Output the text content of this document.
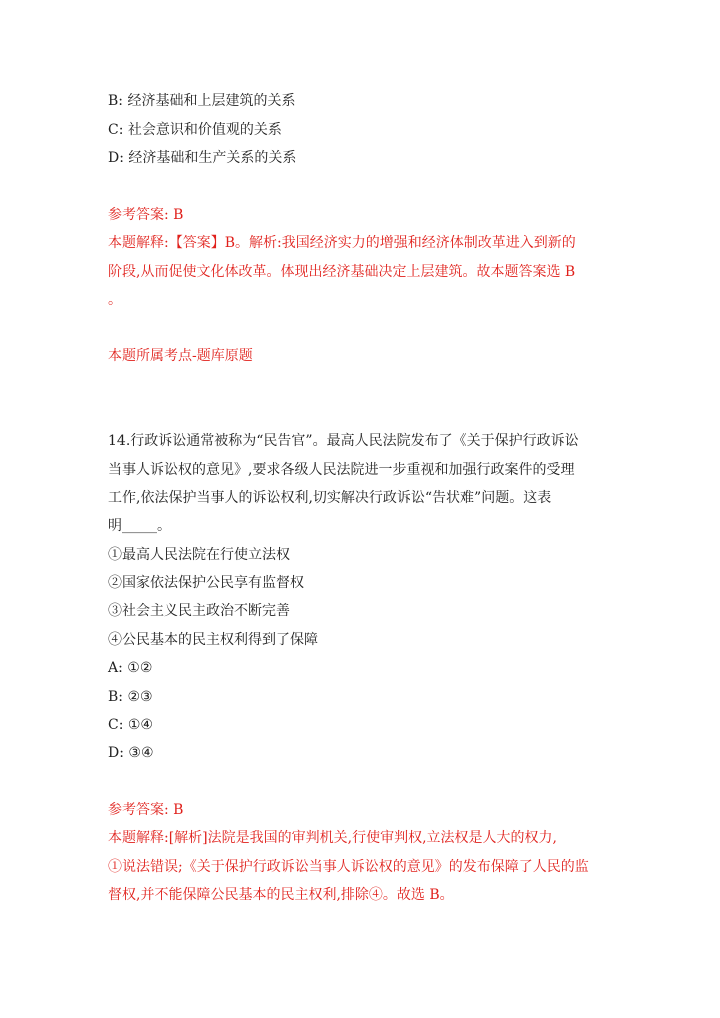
B: 经济基础和上层建筑的关系
C: 社会意识和价值观的关系
D: 经济基础和生产关系的关系
参考答案: B
本题解释:【答案】B。解析:我国经济实力的增强和经济体制改革进入到新的
阶段,从而促使文化体改革。体现出经济基础决定上层建筑。故本题答案选 B
。
本题所属考点-题库原题
14.行政诉讼通常被称为“民告官”。最高人民法院发布了《关于保护行政诉讼
当事人诉讼权的意见》,要求各级人民法院进一步重视和加强行政案件的受理
工作,依法保护当事人的诉讼权利,切实解决行政诉讼“告状难”问题。这表
明_____。
①最高人民法院在行使立法权
②国家依法保护公民享有监督权
③社会主义民主政治不断完善
④公民基本的民主权利得到了保障
A: ①②
B: ②③
C: ①④
D: ③④
参考答案: B
本题解释:[解析]法院是我国的审判机关,行使审判权,立法权是人大的权力,
①说法错误;《关于保护行政诉讼当事人诉讼权的意见》的发布保障了人民的监
督权,并不能保障公民基本的民主权利,排除④。故选 B。
